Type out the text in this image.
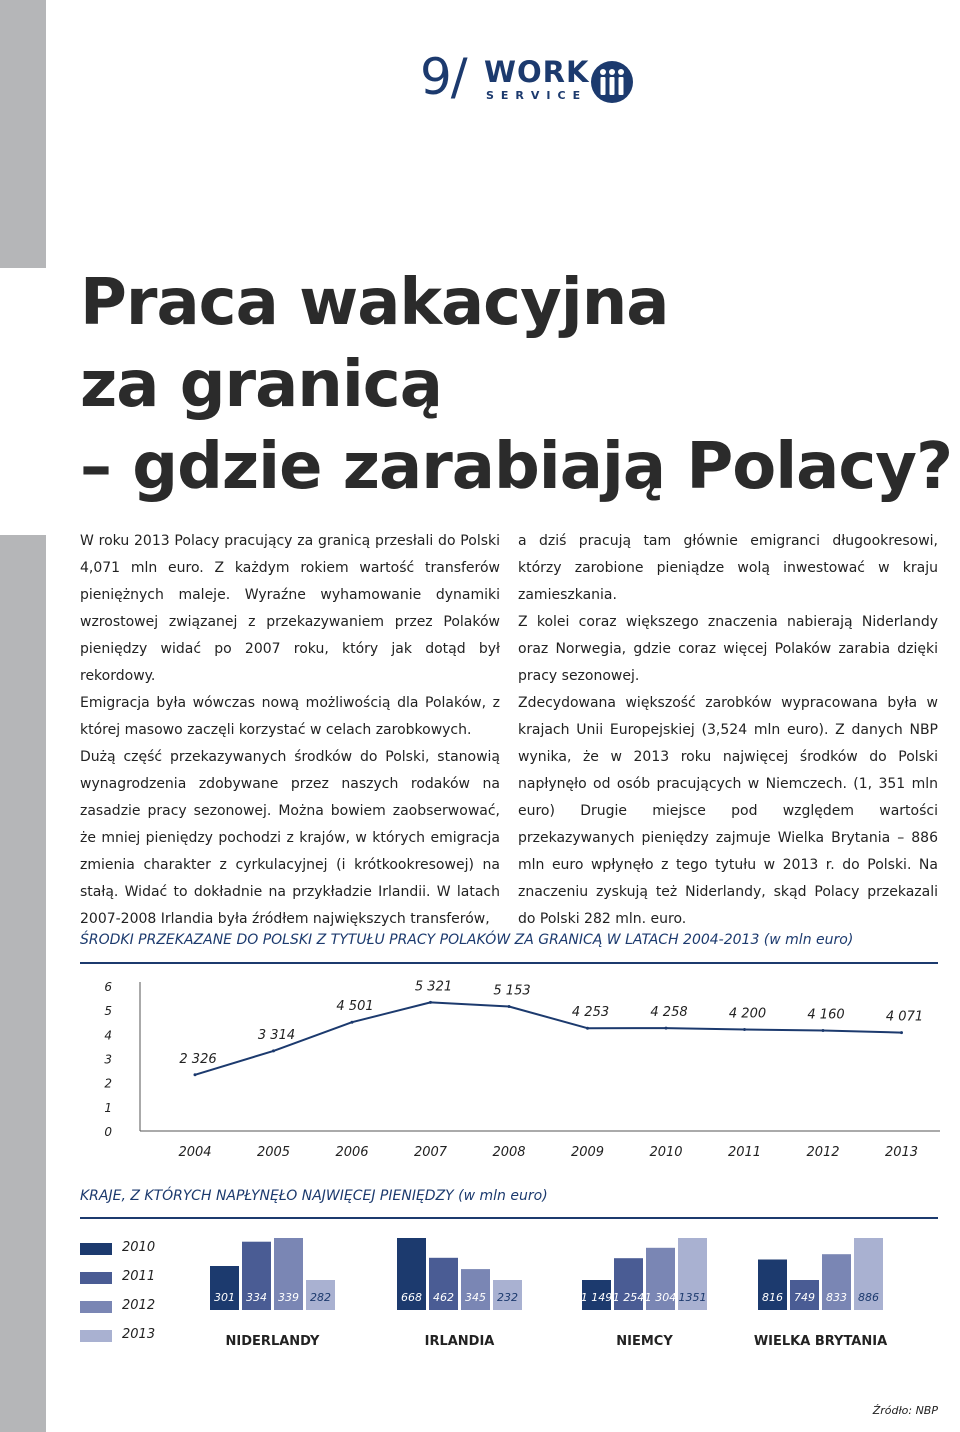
9/ WORK
SERVICE
Praca wakacyjna
za granicą
– gdzie zarabiają Polacy?

W roku 2013 Polacy pracujący za granicą przesłali do Polski 4,071 mln euro. Z każdym rokiem wartość transferów pieniężnych maleje. Wyraźne wyhamowanie dynamiki wzrostowej związanej z przekazywaniem przez Polaków pieniędzy widać po 2007 roku, który jak dotąd był rekordowy.

Emigracja była wówczas nową możliwością dla Polaków, z której masowo zaczęli korzystać w celach zarobkowych.

Dużą część przekazywanych środków do Polski, stanowią wynagrodzenia zdobywane przez naszych rodaków na zasadzie pracy sezonowej. Można bowiem zaobserwować, że mniej pieniędzy pochodzi z krajów, w których emigracja zmienia charakter z cyrkulacyjnej (i krótkookresowej) na stałą. Widać to dokładnie na przykładzie Irlandii. W latach 2007-2008 Irlandia była źródłem największych transferów,

a dziś pracują tam głównie emigranci długookresowi, którzy zarobione pieniądze wolą inwestować w kraju zamieszkania.

Z kolei coraz większego znaczenia nabierają Niderlandy oraz Norwegia, gdzie coraz więcej Polaków zarabia dzięki pracy sezonowej.

Zdecydowana większość zarobków wypracowana była w krajach Unii Europejskiej (3,524 mln euro). Z danych NBP wynika, że w 2013 roku najwięcej środków do Polski napłynęło od osób pracujących w Niemczech. (1, 351 mln euro) Drugie miejsce pod względem wartości przekazywanych pieniędzy zajmuje Wielka Brytania – 886 mln euro wpłynęło z tego tytułu w 2013 r. do Polski. Na znaczeniu zyskują też Niderlandy, skąd Polacy przekazali do Polski 282 mln. euro.

ŚRODKI PRZEKAZANE DO POLSKI Z TYTUŁU PRACY POLAKÓW ZA GRANICĄ W LATACH 2004-2013 (w mln euro)
0
1
2
3
4
5
6
2 326
2004
3 314
2005
4 501
2006
5 321
2007
5 153
2008
4 253
2009
4 258
2010
4 200
2011
4 160
2012
4 071
2013
KRAJE, Z KTÓRYCH NAPŁYNĘŁO NAJWIĘCEJ PIENIĘDZY (w mln euro)
2010
2011
2012
2013
301 334 339 282
NIDERLANDY
668 462 345 232
IRLANDIA
1 149 1 254 1 304 1351
NIEMCY
816 749 833 886
WIELKA BRYTANIA
Źródło: NBP
